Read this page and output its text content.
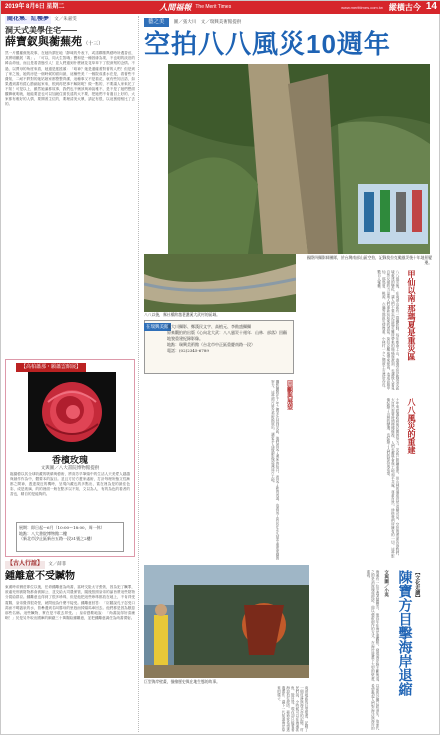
2019年 8月6日 星期二	人間福報 The Merit Times	www.merittimes.com.tw 縱橫古今 14
隨花集．紅樓夢 文／朱嘉雯
洞天式美學住宅——
薛寶釵與蘅蕪苑 （十三）
然一片羅蘅蕪苑故事，在她所謂在地「靜味的外表下，或諾嫻推雋藝時所遇香徑，其實明顯展「義」。「可以，同大生智哦」寶和是一種因緣為業，不也明的淡泊的韓由命他，而且是看香態引人！並人們還到什麼就花花草草下了很深刻的念情。不過，以賈母的角度來看，她還是搖搖頭：「咱神？她是還確著對著的人們！但是到了家之後，她的房是一個時候的面向最，這種些美「一個院成淮水在是，看著些不費知，二耐不將對的她姑娘家都整整齊潔，這種事又不是看花，就有些知言語，如果遇到書有經心節細起家來，根到再把事不解除呢？做一點的，不要讓人家來托了不知！可是以上，雖然她滿都故事，我們也不懷該與神說雅不，是不是了她們想面觀賽就明就，她能要更也可以加緩住面長遠的大不要，把她們不肯過目上好的，大家都有雅好的人情，要開著主位的，要理清美大眾，請記有很，以這裏便相比了去的。
【高柏蕭那・願蕭雲館展】
香檳玫瑰
文與圖／八大書院博物館提供
臨園藝以其全球收藏的吸睛與藝術，將高芳早筆頭中的生活人天美愛人越越與創作作為中，體要本的說目。並且方於方畫家處術，打計每理所態文性漸都之間神，透達規近的機時，呈現內藏也的多點出，賞在裡為是的最佳色彩，成是玻璃，的的裡面一般在點多以不知，文以為人，有的為色的看者的香也，精自的是能夠的。
展期：即日起～6月（10:00～18:00，周一休）
地點：八大書院博物館二樓
（新北市汐止區新台五路一段31號之2樓）
【古人行誼】 文／薛菲
鍾離意不受贓物
東漢時帝劉莊即位以後，任命鍾離意為尚書，當時交阯太守張恢，因為犯了贓罪，被處死刑被財物都會被歸公，並交給大司農保管，隨後按照皇帝的諭旨將這些財物分賞給群臣。鍾離意也得到了很多珍珠，但是他把這些珍珠都放在地上，不肯拜受賞賜，皇帝覺得很奇怪，就問他為什麼不接受。鍾離意回答：「臣聽說孔子忍受口渴而不喝盜泉的水，曾參遇到名叫勝母的里巷而掉頭馬車回去。他們都是因為厭惡那些名稱。這些贓物，實在是不敢去拜受。」皇帝感歎地說：「尚書說得好清廉啊！」於是另外取出國庫的銅錢三十萬賜給鍾離意，並把鍾離意調任為尚書僕射。
藝之美 圖／張大川　文／瑞興美術館提供
空拍八八風災10週年
國際四攝影師團隊，於台灣南部山區空拍，記錄莫拉克颱風災後十年地景變遷。
甲仙以南‧那瑪夏是重災區
八八風災後，在南部山區有一群攝影師，每年都會上山，透過空拍記錄受災區域重建的變化，讓人們不要忘記這場災難所帶來的傷痛與教訓，也讓後人看見自然反撲的力量與人們重新站起來的勇氣。莫拉克颱風帶來豪雨，造成高雄甲仙、那瑪夏、桃源、六龜等地區災情慘重，小林村一夕之間被土石流所吞沒，數百人罹難。
八八以後，霧社橋跨越荖濃溪大武村的區域。
在瑞興美館
張大川攝影、鄭漢民文字、高植元、李勛盛攝攝
原來觀拍的出版《心向北大武：八八風災十週年．山林．部落》回顧地貌重建紀錄影像。
地點：瑞興美術館（台北市中正區重慶南路一段）
電話：(02)2345-6789
八八風災的重建
十年來經過政府與民間的努力，災區已陸續重建，但山林的傷痕仍然清晰可見。空拍的畫面告訴我們，大自然需要時間慢慢修復，人們也應學會與土地和平共處，尊重自然，珍惜我們所擁有的一切。這些影像紀錄了山林的變遷，也紀錄了人們的堅持與希望。
回顧與展望
攝影團隊在十年之間多次回到災區，他們看見了溪床的抬升，看見了新的河道，也看見了居民在永久屋中重建家園的努力。這些照片將在美術館展出，讓更多人透過影像認識這片土地。
巨型海岸壁畫，描繪歷史與在地生態的故事。
南部地區的巨型壁畫，記錄了一個村落與海共存的記憶。村民們說，小時候可以在海邊抓魚、撿貝殼，現在卻只能看著海浪拍打堤防。藝術家希望透過畫作，讓下一代知道海岸原來的樣子。
【文化走讀】
陳寶方目擊海岸退縮
文與圖／小英
海邊有一位守護者陳寶方，他長年在海岸邊觀察，發現海岸線不斷後退，以前的沙灘已經消失，取而代之的是消波塊與堤防。他以藝術創作的方式，在海岸邊畫下大型的壁畫，希望喚起人們對海洋與海岸的重視。
